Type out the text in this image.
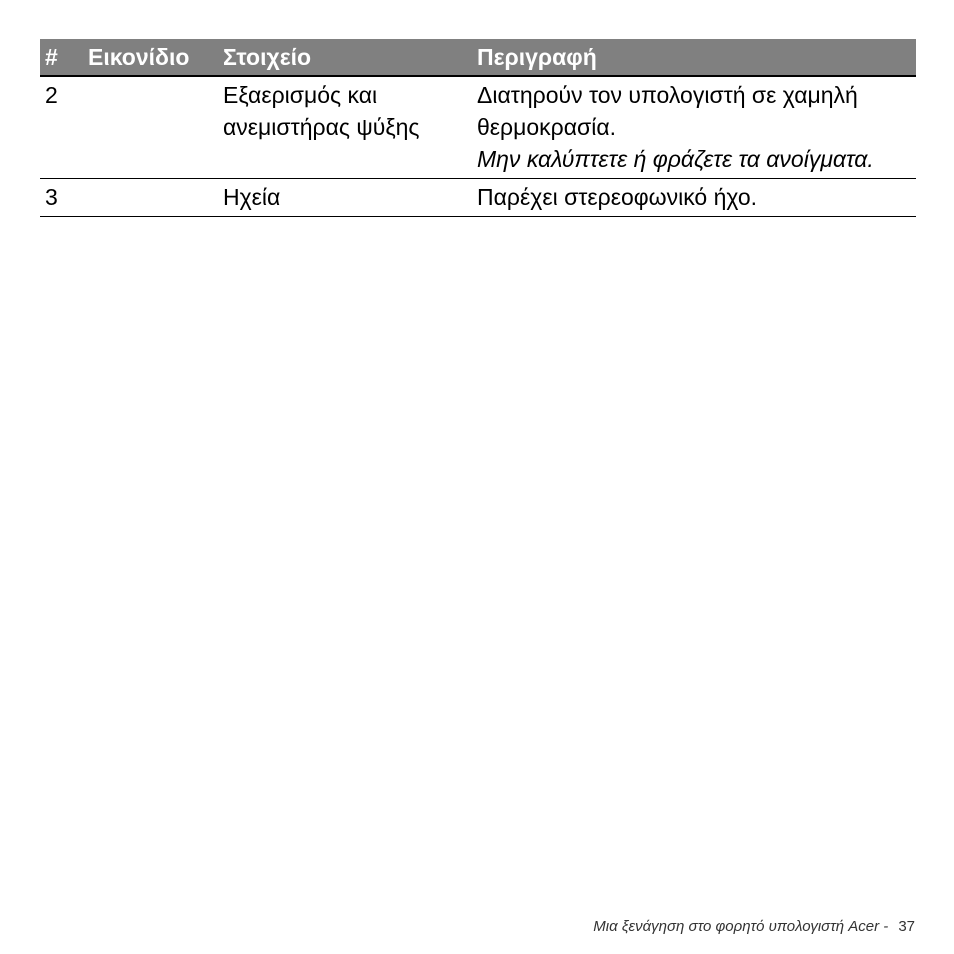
#	Εικονίδιο	Στοιχείο	Περιγραφή
2		Εξαερισμός και ανεμιστήρας ψύξης	Διατηρούν τον υπολογιστή σε χαμηλή θερμοκρασία.
Μην καλύπτετε ή φράζετε τα ανοίγματα.

3		Ηχεία	Παρέχει στερεοφωνικό ήχο.
Μια ξενάγηση στο φορητό υπολογιστή Acer - 37
